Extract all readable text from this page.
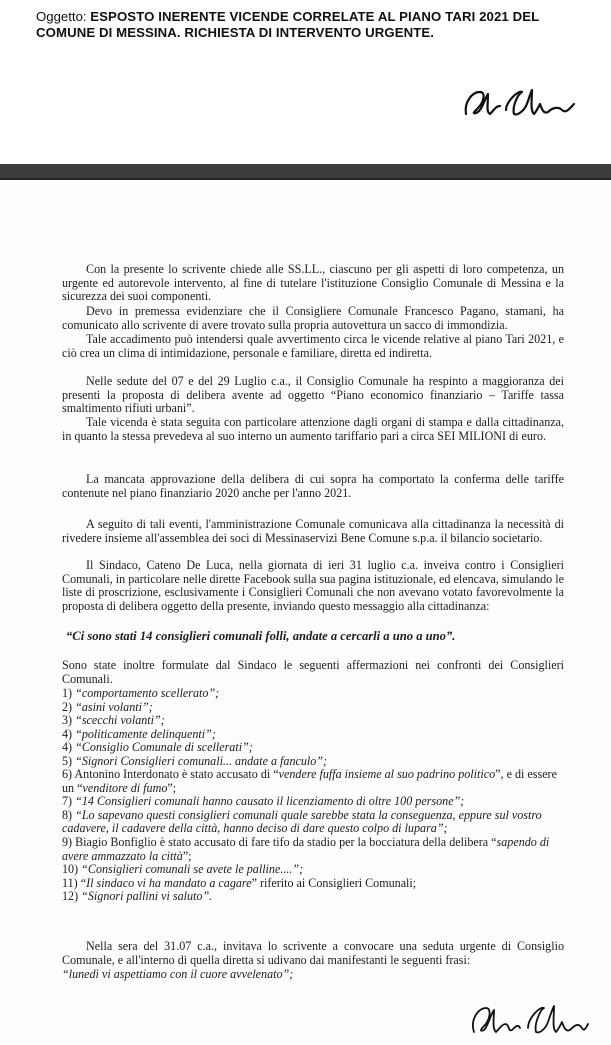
Oggetto: ESPOSTO INERENTE VICENDE CORRELATE AL PIANO TARI 2021 DEL COMUNE DI MESSINA. RICHIESTA DI INTERVENTO URGENTE.
Con la presente lo scrivente chiede alle SS.LL., ciascuno per gli aspetti di loro competenza, un urgente ed autorevole intervento, al fine di tutelare l'istituzione Consiglio Comunale di Messina e la sicurezza dei suoi componenti.
Devo in premessa evidenziare che il Consigliere Comunale Francesco Pagano, stamani, ha comunicato allo scrivente di avere trovato sulla propria autovettura un sacco di immondizia.
Tale accadimento può intendersi quale avvertimento circa le vicende relative al piano Tari 2021, e ciò crea un clima di intimidazione, personale e familiare, diretta ed indiretta.
Nelle sedute del 07 e del 29 Luglio c.a., il Consiglio Comunale ha respinto a maggioranza dei presenti la proposta di delibera avente ad oggetto “Piano economico finanziario – Tariffe tassa smaltimento rifiuti urbani”.
Tale vicenda è stata seguita con particolare attenzione dagli organi di stampa e dalla cittadinanza, in quanto la stessa prevedeva al suo interno un aumento tariffario pari a circa SEI MILIONI di euro.
La mancata approvazione della delibera di cui sopra ha comportato la conferma delle tariffe contenute nel piano finanziario 2020 anche per l'anno 2021.
A seguito di tali eventi, l'amministrazione Comunale comunicava alla cittadinanza la necessità di rivedere insieme all'assemblea dei soci di Messinaservizi Bene Comune s.p.a. il bilancio societario.
Il Sindaco, Cateno De Luca, nella giornata di ieri 31 luglio c.a. inveiva contro i Consiglieri Comunali, in particolare nelle dirette Facebook sulla sua pagina istituzionale, ed elencava, simulando le liste di proscrizione, esclusivamente i Consiglieri Comunali che non avevano votato favorevolmente la proposta di delibera oggetto della presente, inviando questo messaggio alla cittadinanza:
“Ci sono stati 14 consiglieri comunali folli, andate a cercarli a uno a uno”.
Sono state inoltre formulate dal Sindaco le seguenti affermazioni nei confronti dei Consiglieri Comunali.
1) “comportamento scellerato”;
2) “asini volanti”;
3) “scecchi volanti”;
4) “politicamente delinquenti”;
4) “Consiglio Comunale di scellerati”;
5) “Signori Consiglieri comunali... andate a fanculo”;
6) Antonino Interdonato è stato accusato di “vendere fuffa insieme al suo padrino politico”, e di essere un “venditore di fumo”;
7) “14 Consiglieri comunali hanno causato il licenziamento di oltre 100 persone”;
8) “Lo sapevano questi consiglieri comunali quale sarebbe stata la conseguenza, eppure sul vostro cadavere, il cadavere della città, hanno deciso di dare questo colpo di lupara”;
9) Biagio Bonfiglio è stato accusato di fare tifo da stadio per la bocciatura della delibera “sapendo di avere ammazzato la città”;
10) “Consiglieri comunali se avete le palline....”;
11) “Il sindaco vi ha mandato a cagare” riferito ai Consiglieri Comunali;
12) “Signori pallini vi saluto”.
Nella sera del 31.07 c.a., invitava lo scrivente a convocare una seduta urgente di Consiglio Comunale, e all'interno di quella diretta si udivano dai manifestanti le seguenti frasi:
“lunedì vi aspettiamo con il cuore avvelenato”;
